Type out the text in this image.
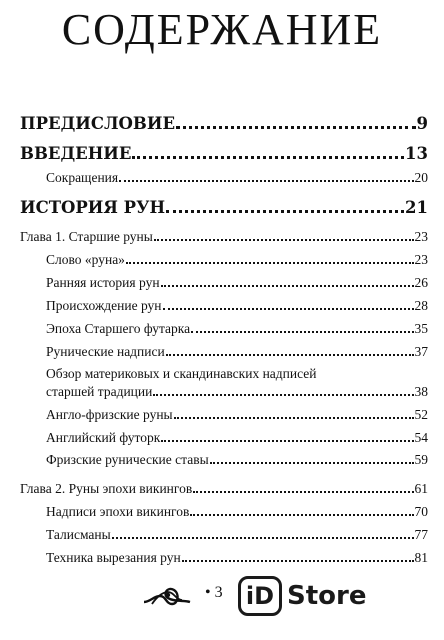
СОДЕРЖАНИЕ
ПРЕДИСЛОВИЕ	9
ВВЕДЕНИЕ	13
Сокращения	20
ИСТОРИЯ РУН	21
Глава 1. Старшие руны	23
Слово «руна»	23
Ранняя история рун	26
Происхождение рун	28
Эпоха Старшего футарка	35
Рунические надписи	37
Обзор материковых и скандинавских надписей
старшей традиции	38
Англо-фризские руны	52
Английский футорк	54
Фризские рунические ставы	59
Глава 2. Руны эпохи викингов	61
Надписи эпохи викингов	70
Талисманы	77
Техника вырезания рун	81
• 3 iD Store
